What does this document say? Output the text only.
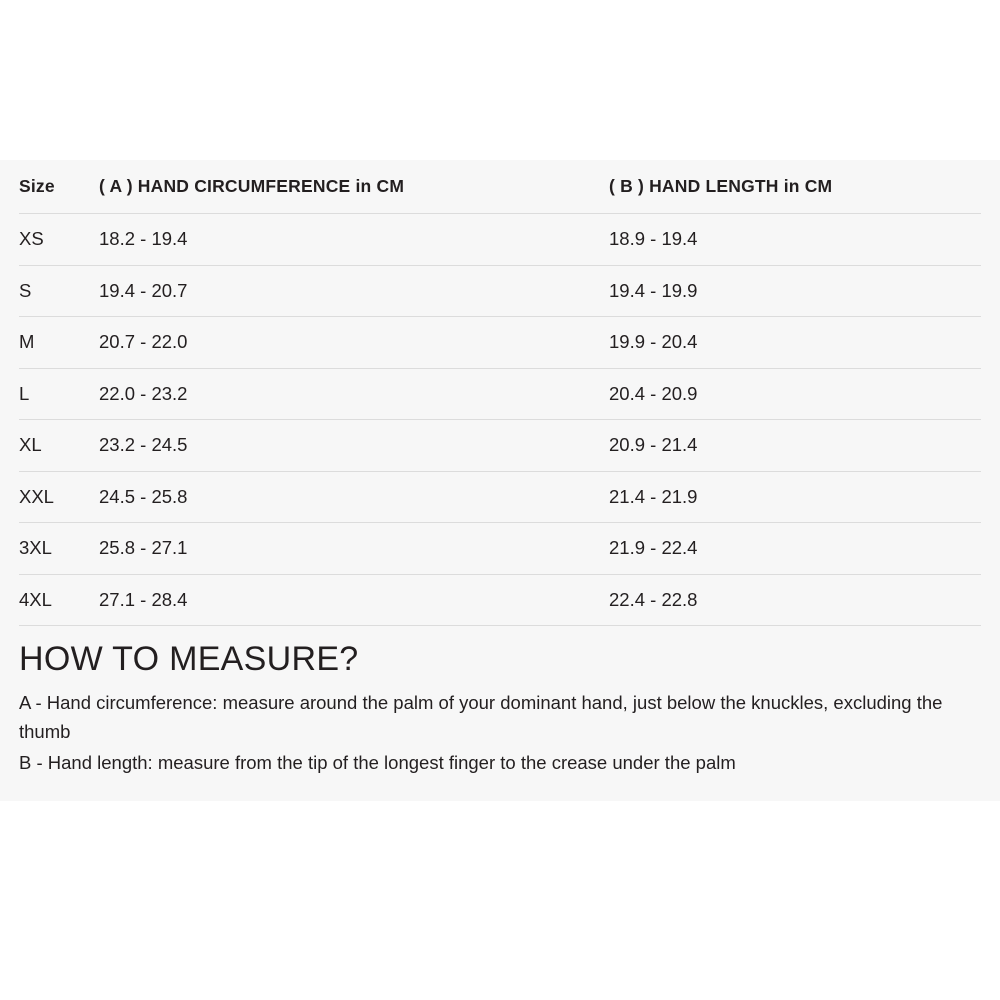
Size	( A ) HAND CIRCUMFERENCE in CM	( B ) HAND LENGTH in CM
XS	18.2 - 19.4	18.9 - 19.4
S	19.4 - 20.7	19.4 - 19.9
M	20.7 - 22.0	19.9 - 20.4
L	22.0 - 23.2	20.4 - 20.9
XL	23.2 - 24.5	20.9 - 21.4
XXL	24.5 - 25.8	21.4 - 21.9
3XL	25.8 - 27.1	21.9 - 22.4
4XL	27.1 - 28.4	22.4 - 22.8
HOW TO MEASURE?

A - Hand circumference: measure around the palm of your dominant hand, just below the knuckles, excluding the thumb

B - Hand length: measure from the tip of the longest finger to the crease under the palm
